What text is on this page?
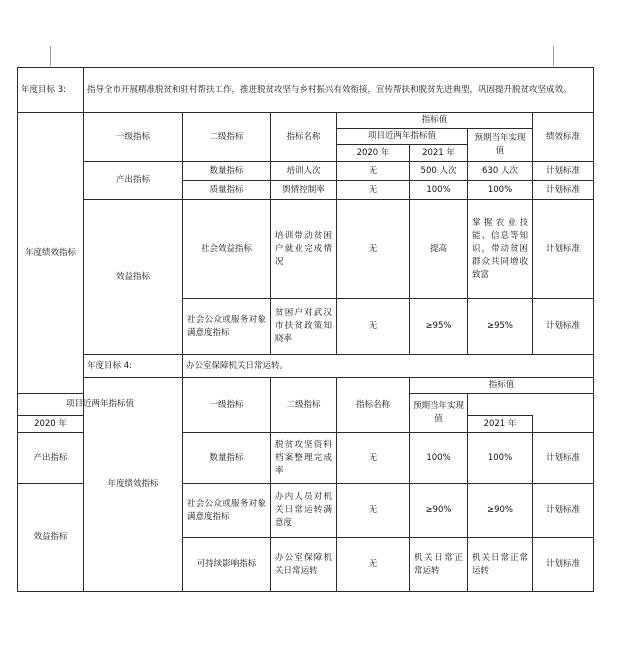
年度目标 3:	指导全市开展精准脱贫和驻村帮扶工作，推进脱贫攻坚与乡村振兴有效衔接，宣传帮扶和脱贫先进典型，巩固提升脱贫攻坚成效。							
年度绩效指标	一级指标	二级指标	指标名称	指标值			绩效标准	
				项目近两年指标值		预期当年实现值		
				2020 年	2021 年			
	产出指标	数量指标	培训人次	无	500 人次	630 人次	计划标准	
		质量指标	舆情控制率	无	100%	100%	计划标准	
	效益指标	社会效益指标	培训带动贫困户就业完成情况	无	提高	掌握农业技能、信息等知识，带动贫困群众共同增收致富	计划标准	
		社会公众或服务对象满意度指标	贫困户对武汉市扶贫政策知晓率	无	≥95%	≥95%	计划标准	
	年度目标 4:	办公室保障机关日常运转。						
	年度绩效指标	一级指标	二级指标	指标名称	指标值	
项目近两年指标值					预期当年实现值			
2020 年						2021 年		
产出指标		数量指标	脱贫攻坚资料档案整理完成率	无	100%	100%	计划标准	
效益指标		社会公众或服务对象满意度指标	办内人员对机关日常运转满意度	无	≥90%	≥90%	计划标准	
		可持续影响指标	办公室保障机关日常运转	无	机关日常正常运转	机关日常正常运转	计划标准	
